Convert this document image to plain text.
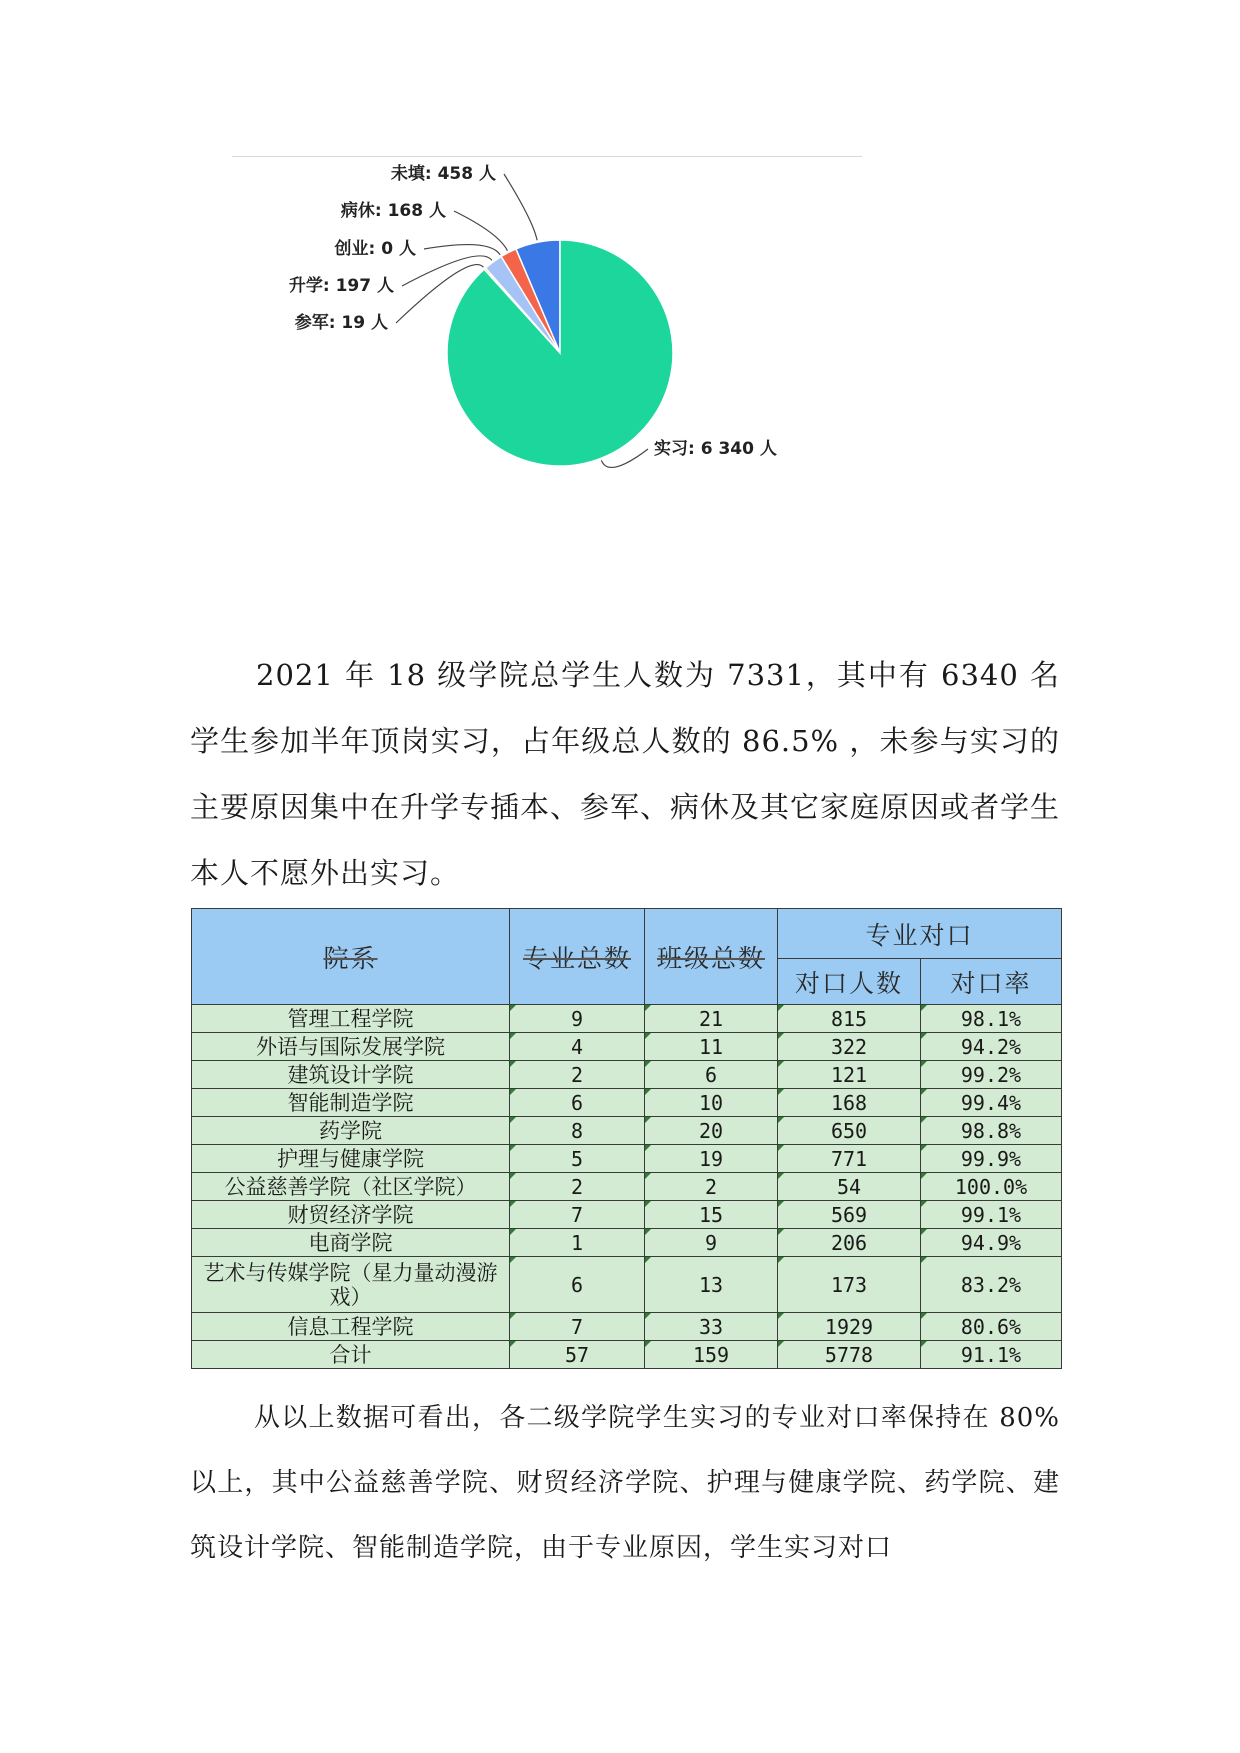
未填: 458 人
病休: 168 人
创业: 0 人
升学: 197 人
参军: 19 人
实习: 6 340 人

2021 年 18 级学院总学生人数为 7331，其中有 6340 名学生参加半年顶岗实习，占年级总人数的 86.5% ，未参与实习的主要原因集中在升学专插本、参军、病休及其它家庭原因或者学生本人不愿外出实习。

院系	专业总数	班级总数	专业对口	
			对口人数	对口率
管理工程学院	9	21	815	98.1%
外语与国际发展学院	4	11	322	94.2%
建筑设计学院	2	6	121	99.2%
智能制造学院	6	10	168	99.4%
药学院	8	20	650	98.8%
护理与健康学院	5	19	771	99.9%
公益慈善学院（社区学院）	2	2	54	100.0%
财贸经济学院	7	15	569	99.1%
电商学院	1	9	206	94.9%
艺术与传媒学院（星力量动漫游戏）	6	13	173	83.2%
信息工程学院	7	33	1929	80.6%
合计	57	159	5778	91.1%

从以上数据可看出，各二级学院学生实习的专业对口率保持在 80%以上，其中公益慈善学院、财贸经济学院、护理与健康学院、药学院、建筑设计学院、智能制造学院，由于专业原因，学生实习对口
